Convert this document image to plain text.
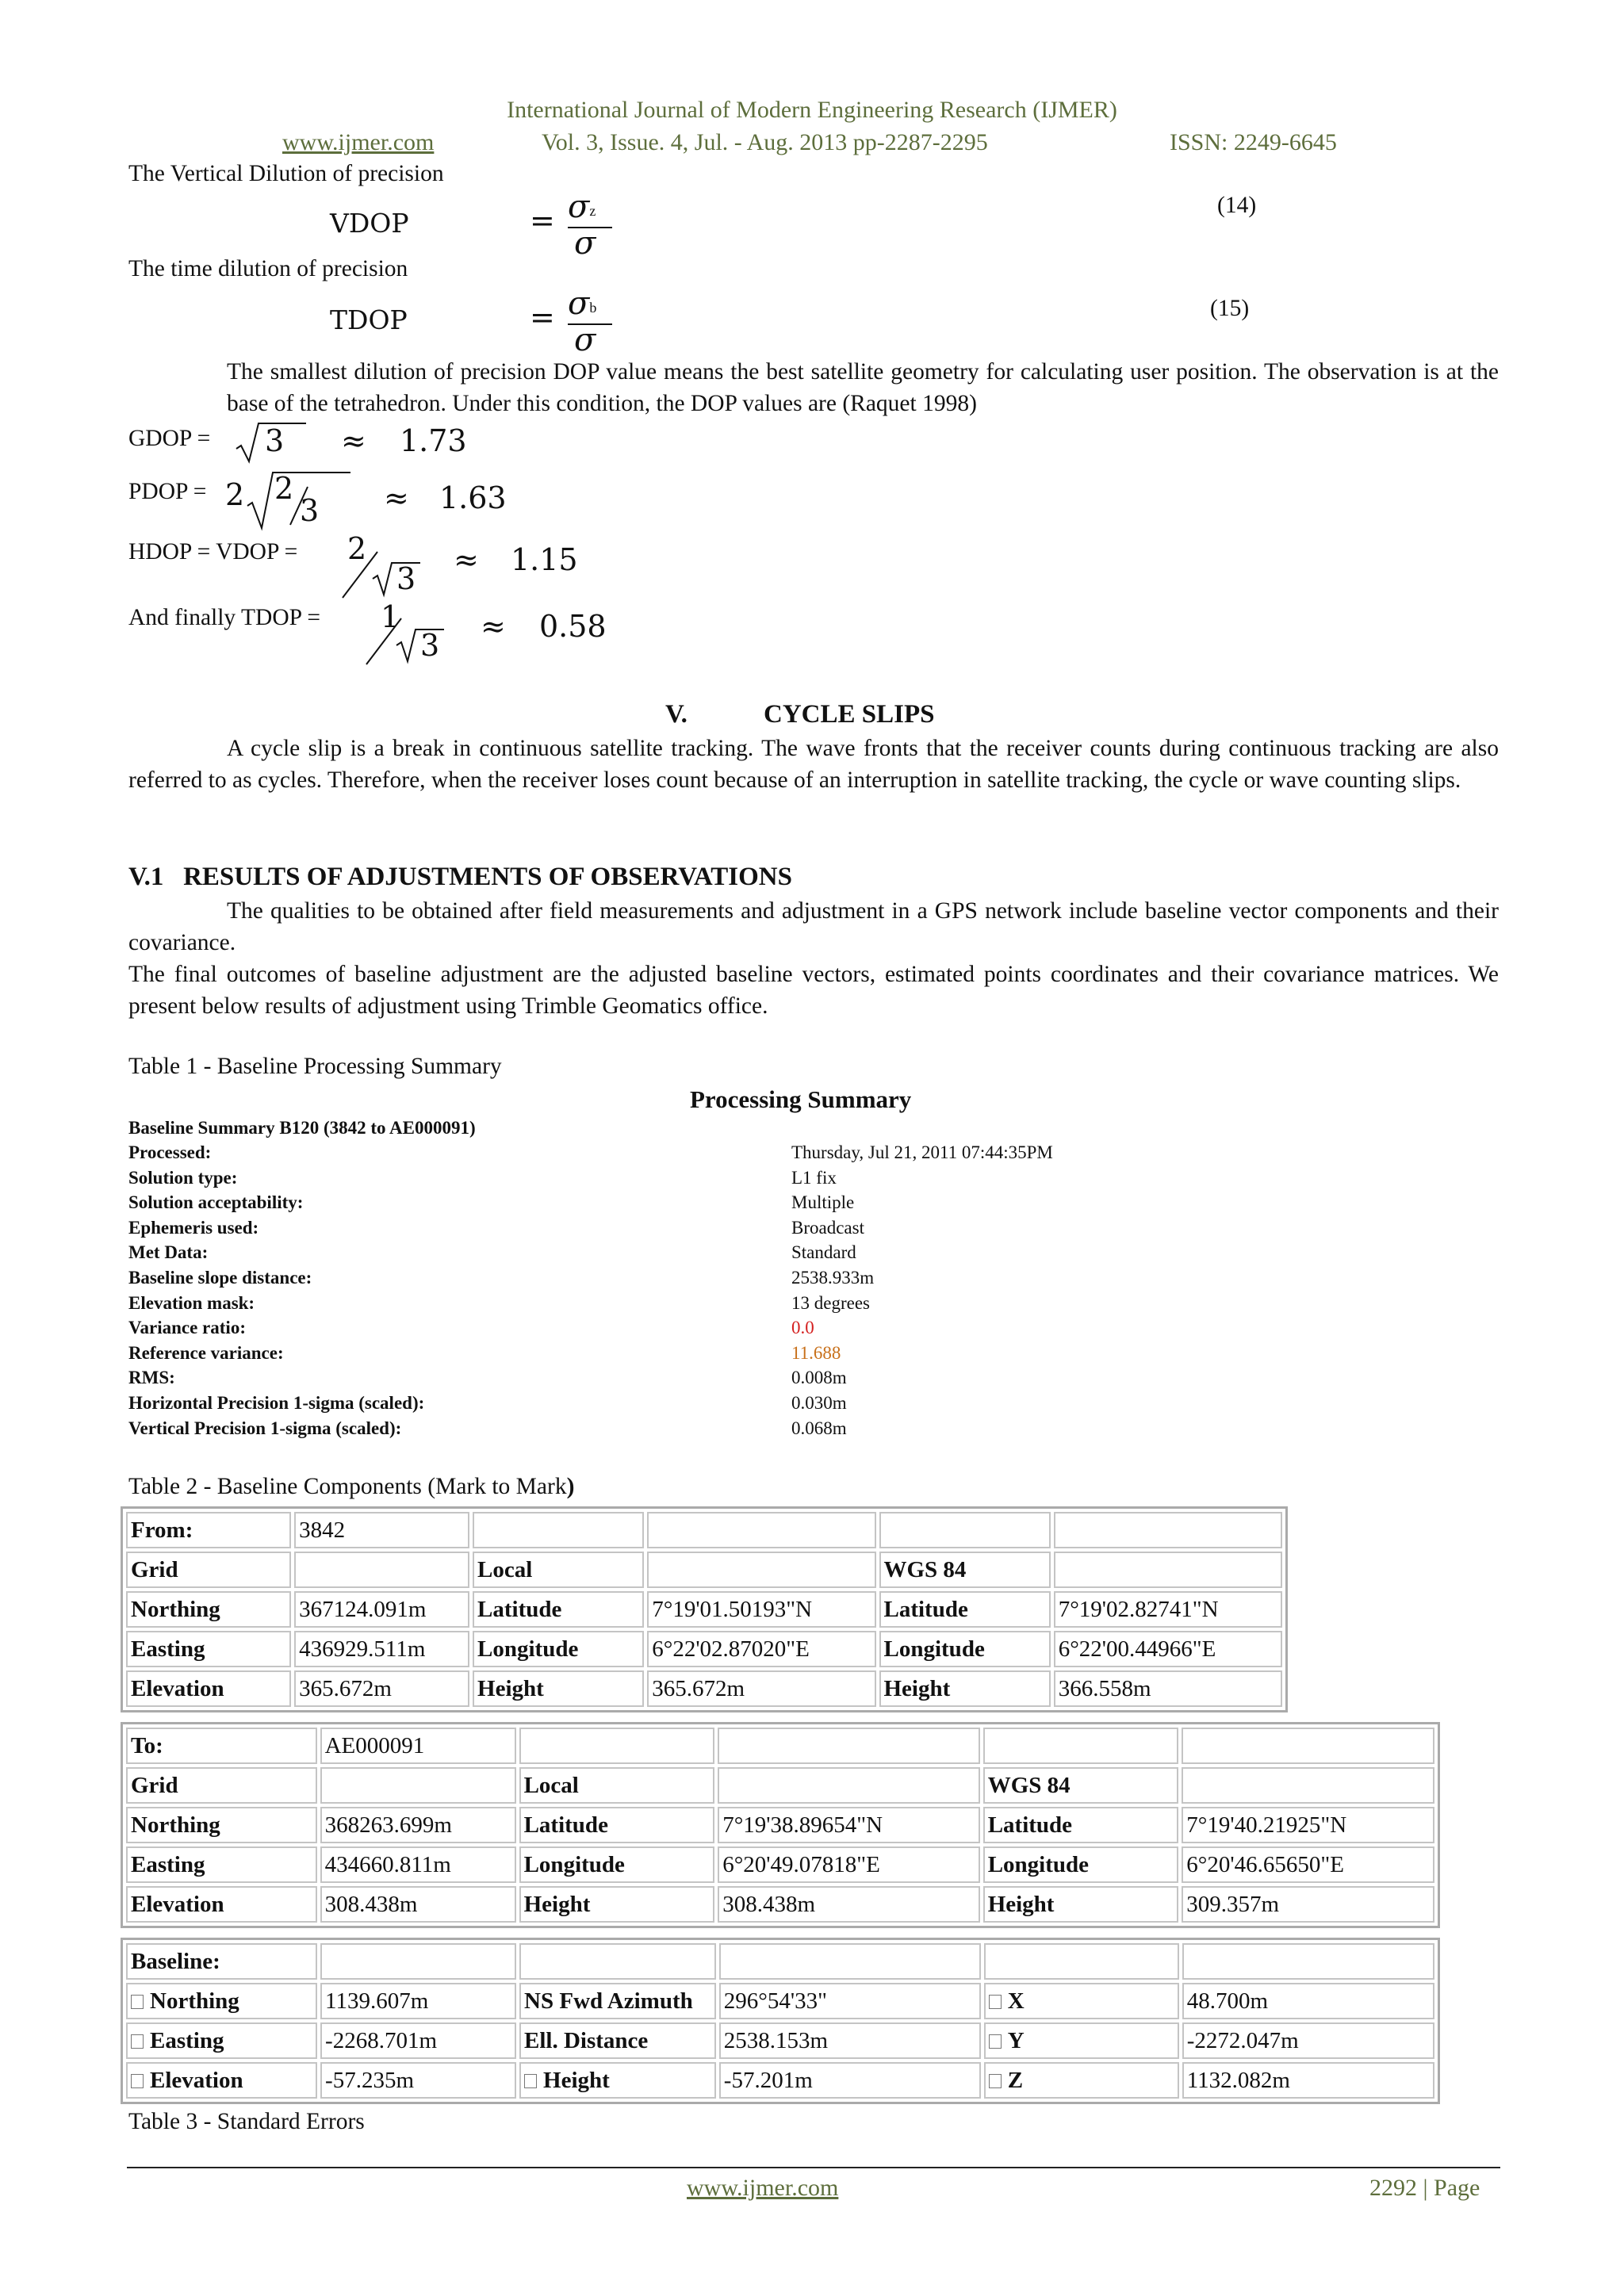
International Journal of Modern Engineering Research (IJMER)
www.ijmer.com	Vol. 3, Issue. 4, Jul. - Aug. 2013 pp-2287-2295	ISSN: 2249-6645
The Vertical Dilution of precision
VDOP	= σz
σ
(14)
The time dilution of precision
TDOP	= σb
σ
(15)
The smallest dilution of precision DOP value means the best satellite geometry for calculating user position. The observation is at the base of the tetrahedron. Under this condition, the DOP values are (Raquet 1998)
GDOP = 3 ≈ 1.73
PDOP = 2 2
3 ≈ 1.63
HDOP = VDOP = 2
3
≈ 1.15
And finally TDOP = 1
3
≈ 0.58
V.	CYCLE SLIPS
A cycle slip is a break in continuous satellite tracking. The wave fronts that the receiver counts during continuous tracking are also referred to as cycles. Therefore, when the receiver loses count because of an interruption in satellite tracking, the cycle or wave counting slips.
V.1   RESULTS OF ADJUSTMENTS OF OBSERVATIONS
The qualities to be obtained after field measurements and adjustment in a GPS network include baseline vector components and their covariance.
The final outcomes of baseline adjustment are the adjusted baseline vectors, estimated points coordinates and their covariance matrices. We present below results of adjustment using Trimble Geomatics office.
Table 1 - Baseline Processing Summary
Processing Summary
Baseline Summary B120 (3842 to AE000091)
Processed:	Thursday, Jul 21, 2011 07:44:35PM
Solution type:	L1 fix
Solution acceptability:	Multiple
Ephemeris used:	Broadcast
Met Data:	Standard
Baseline slope distance:	2538.933m
Elevation mask:	13 degrees
Variance ratio:	0.0
Reference variance:	11.688
RMS:	0.008m
Horizontal Precision 1-sigma (scaled):	0.030m
Vertical Precision 1-sigma (scaled):	0.068m
Table 2 - Baseline Components (Mark to Mark)
From:	3842				
Grid		Local		WGS 84	
Northing	367124.091m	Latitude	7°19'01.50193"N	Latitude	7°19'02.82741"N
Easting	436929.511m	Longitude	6°22'02.87020"E	Longitude	6°22'00.44966"E
Elevation	365.672m	Height	365.672m	Height	366.558m
To:	AE000091				
Grid		Local		WGS 84	
Northing	368263.699m	Latitude	7°19'38.89654"N	Latitude	7°19'40.21925"N
Easting	434660.811m	Longitude	6°20'49.07818"E	Longitude	6°20'46.65650"E
Elevation	308.438m	Height	308.438m	Height	309.357m
Baseline:					
Northing	1139.607m	NS Fwd Azimuth	296°54'33"	X	48.700m
Easting	-2268.701m	Ell. Distance	2538.153m	Y	-2272.047m
Elevation	-57.235m	Height	-57.201m	Z	1132.082m
Table 3 - Standard Errors
www.ijmer.com	2292 | Page
